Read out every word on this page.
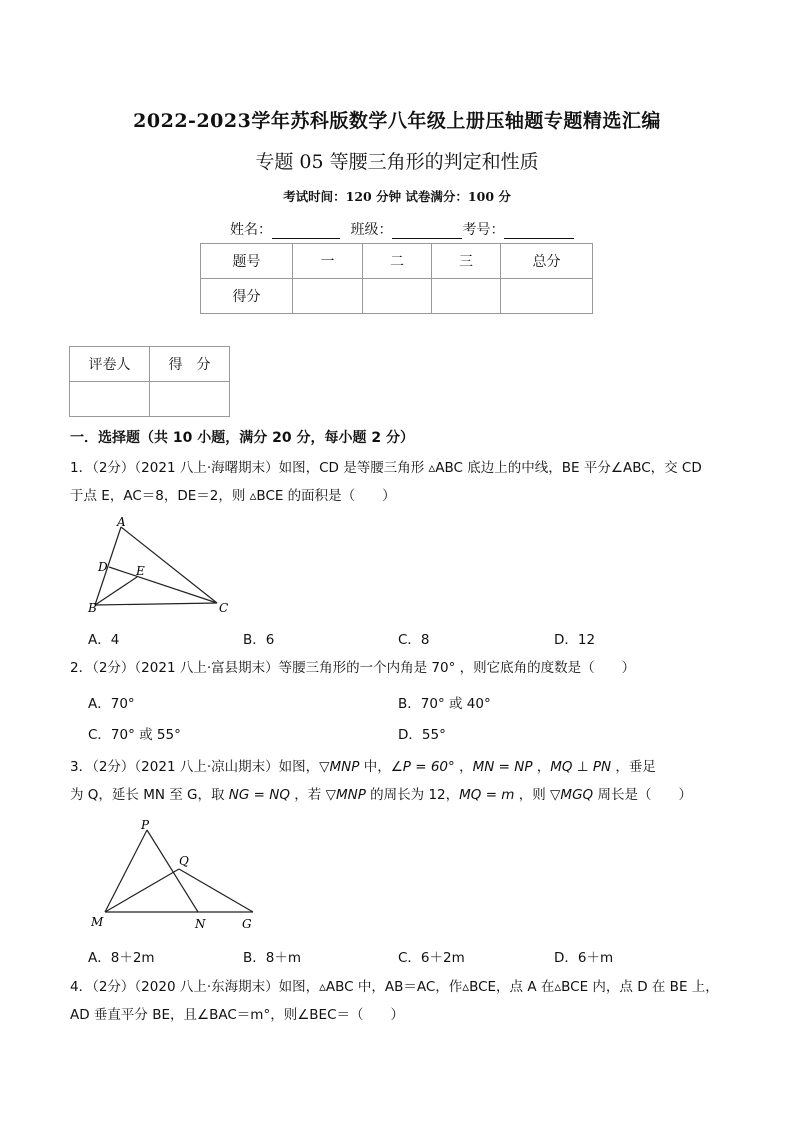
2022-2023学年苏科版数学八年级上册压轴题专题精选汇编
专题 05 等腰三角形的判定和性质
考试时间：120 分钟 试卷满分：100 分
姓名：	班级：	考号：
题号	一	二	三	总分
得分				
评卷人	得　分

一．选择题（共 10 小题，满分 20 分，每小题 2 分）
1．（2分）（2021 八上·海曙期末）如图，CD 是等腰三角形 ▵ABC 底边上的中线，BE 平分∠ABC，交 CD
于点 E，AC＝8，DE＝2，则 ▵BCE 的面积是（　　）
A
D E
B	C
A．4	B．6	C．8	D．12
2．（2分）（2021 八上·富县期末）等腰三角形的一个内角是 70° ，则它底角的度数是（　　）
A．70°	B．70° 或 40°
C．70° 或 55°	D．55°
3．（2分）（2021 八上·凉山期末）如图，▽MNP 中，∠P = 60° ，MN = NP ，MQ ⊥ PN ，垂足
为 Q，延长 MN 至 G，取 NG = NQ ，若 ▽MNP 的周长为 12，MQ = m ，则 ▽MGQ 周长是（　　）
P
Q
M	N	G
A．8＋2m	B．8＋m	C．6＋2m	D．6＋m
4．（2分）（2020 八上·东海期末）如图，▵ABC 中，AB＝AC，作▵BCE，点 A 在▵BCE 内，点 D 在 BE 上，
AD 垂直平分 BE，且∠BAC＝m°，则∠BEC＝（　　）
